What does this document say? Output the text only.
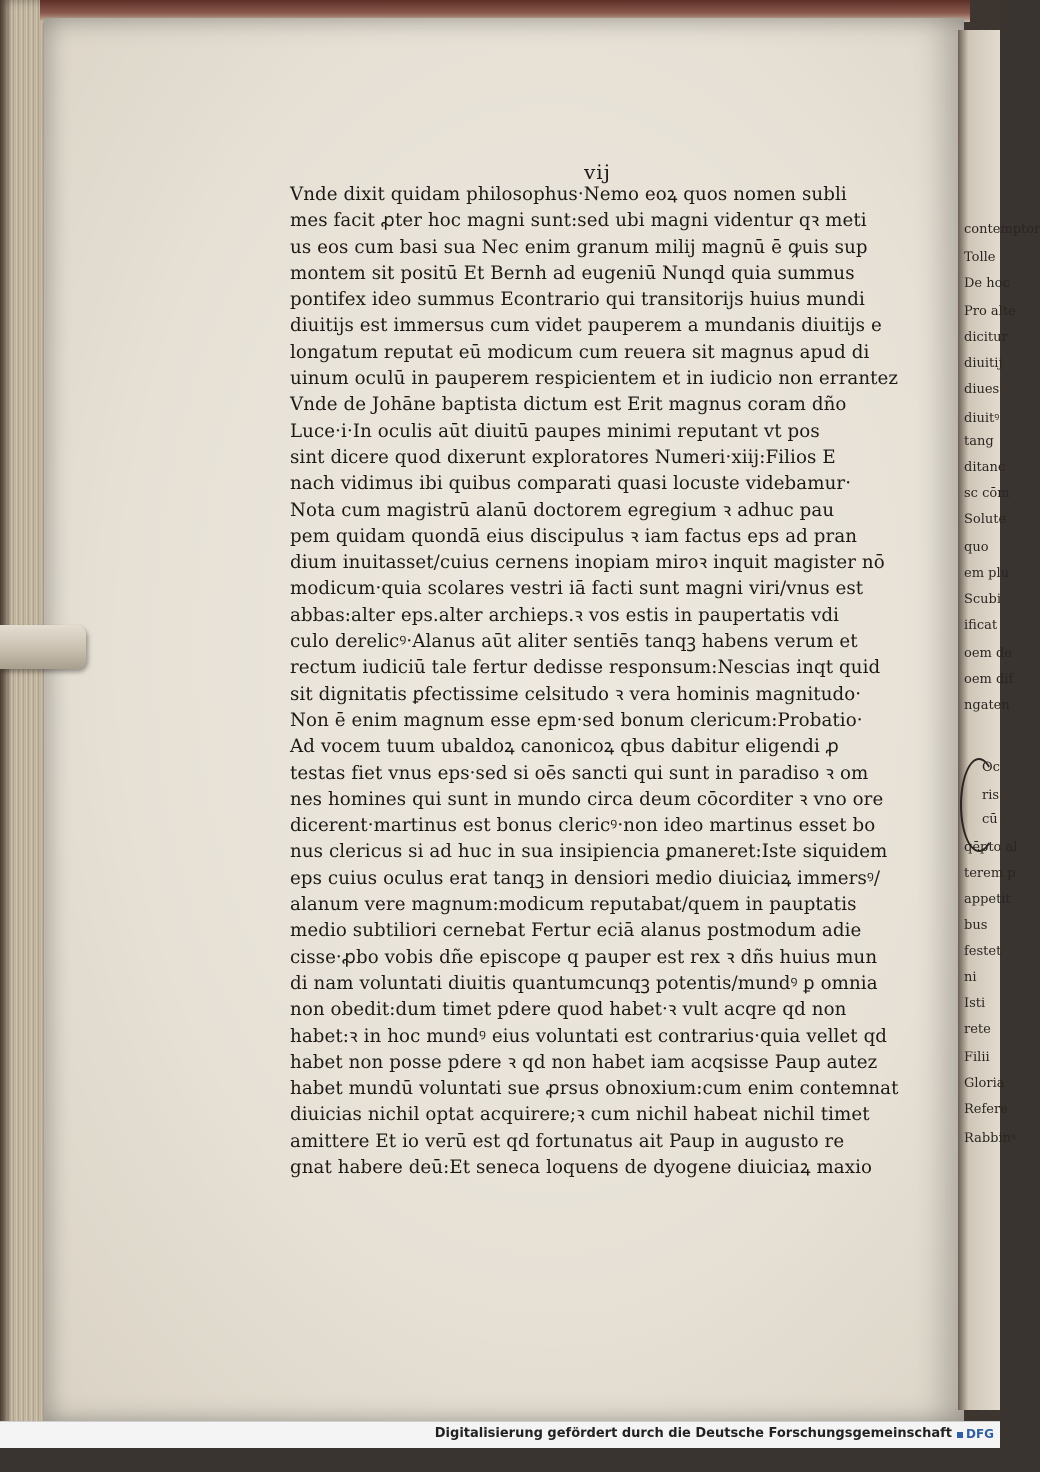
contemptor
Tolle
De hoc
Pro alte
dicitur
diuitij
diues
diuitꝰ
tang
ditanc
sc cōm
Solute
quo
em plu
Scubi
ificat
oem de
oem dif
ngaten
Oc
ris
cū
qēpto al
terem p
appetit
bus
festet
ni
Isti
rete
Filii
Gloria
Refere
Rabbinꝰ
vij
Vnde dixit quidam philosophus·Nemo eoꝝ quos nomen subli
mes facit ꝓter hoc magni sunt:sed ubi magni videntur qꝛ meti
us eos cum basi sua Nec enim granum milij magnū ē ꝙuis sup
montem sit positū Et Bernh ad eugeniū Nunqd quia summus
pontifex ideo summus Econtrario qui transitorijs huius mundi
diuitijs est immersus cum videt pauperem a mundanis diuitijs e
longatum reputat eū modicum cum reuera sit magnus apud di
uinum oculū in pauperem respicientem et in iudicio non errantez
Vnde de Johāne baptista dictum est Erit magnus coram dño
Luce·i·In oculis aūt diuitū paupes minimi reputant vt pos
sint dicere quod dixerunt exploratores Numeri·xiij:Filios E
nach vidimus ibi quibus comparati quasi locuste videbamur·
Nota cum magistrū alanū doctorem egregium ꝛ adhuc pau
pem quidam quondā eius discipulus ꝛ iam factus eps ad pran
dium inuitasset/cuius cernens inopiam miroꝛ inquit magister nō
modicum·quia scolares vestri iā facti sunt magni viri/vnus est
abbas:alter eps.alter archieps.ꝛ vos estis in paupertatis vdi
culo derelicꝰ·Alanus aūt aliter sentiēs tanqꝫ habens verum et
rectum iudiciū tale fertur dedisse responsum:Nescias inqt quid
sit dignitatis ꝑfectissime celsitudo ꝛ vera hominis magnitudo·
Non ē enim magnum esse epm·sed bonum clericum:Probatio·
Ad vocem tuum ubaldoꝝ canonicoꝝ qbus dabitur eligendi ꝓ
testas fiet vnus eps·sed si oēs sancti qui sunt in paradiso ꝛ om
nes homines qui sunt in mundo circa deum cōcorditer ꝛ vno ore
dicerent·martinus est bonus clericꝰ·non ideo martinus esset bo
nus clericus si ad huc in sua insipiencia ꝑmaneret:Iste siquidem
eps cuius oculus erat tanqꝫ in densiori medio diuiciaꝝ immersꝰ/
alanum vere magnum:modicum reputabat/quem in pauptatis
medio subtiliori cernebat Fertur eciā alanus postmodum adie
cisse·ꝓbo vobis dñe episcope q pauper est rex ꝛ dñs huius mun
di nam voluntati diuitis quantumcunqꝫ potentis/mundꝰ ꝑ omnia
non obedit:dum timet pdere quod habet·ꝛ vult acqre qd non
habet:ꝛ in hoc mundꝰ eius voluntati est contrarius·quia vellet qd
habet non posse pdere ꝛ qd non habet iam acqsisse Paup autez
habet mundū voluntati sue ꝓrsus obnoxium:cum enim contemnat
diuicias nichil optat acquirere;ꝛ cum nichil habeat nichil timet
amittere Et io verū est qd fortunatus ait Paup in augusto re
gnat habere deū:Et seneca loquens de dyogene diuiciaꝝ maxio
Digitalisierung gefördert durch die Deutsche Forschungsgemeinschaft	DFG
